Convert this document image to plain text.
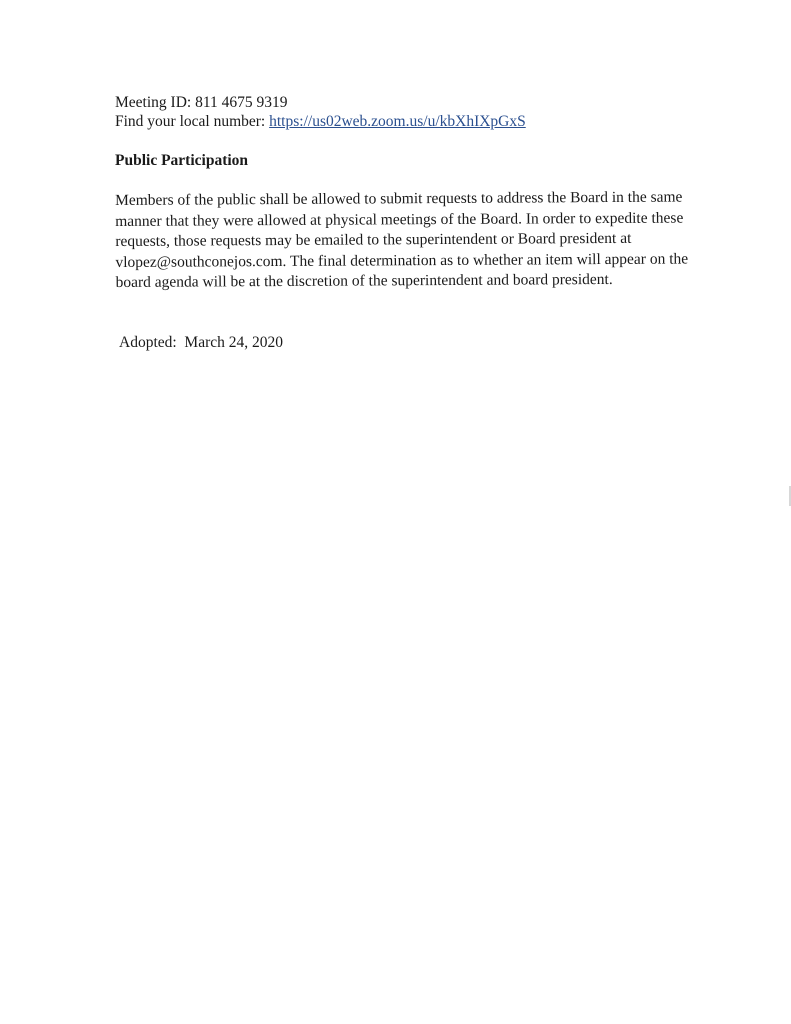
Meeting ID: 811 4675 9319
Find your local number: https://us02web.zoom.us/u/kbXhIXpGxS
Public Participation
Members of the public shall be allowed to submit requests to address the Board in the same
manner that they were allowed at physical meetings of the Board. In order to expedite these
requests, those requests may be emailed to the superintendent or Board president at
vlopez@southconejos.com. The final determination as to whether an item will appear on the
board agenda will be at the discretion of the superintendent and board president.
Adopted:  March 24, 2020
